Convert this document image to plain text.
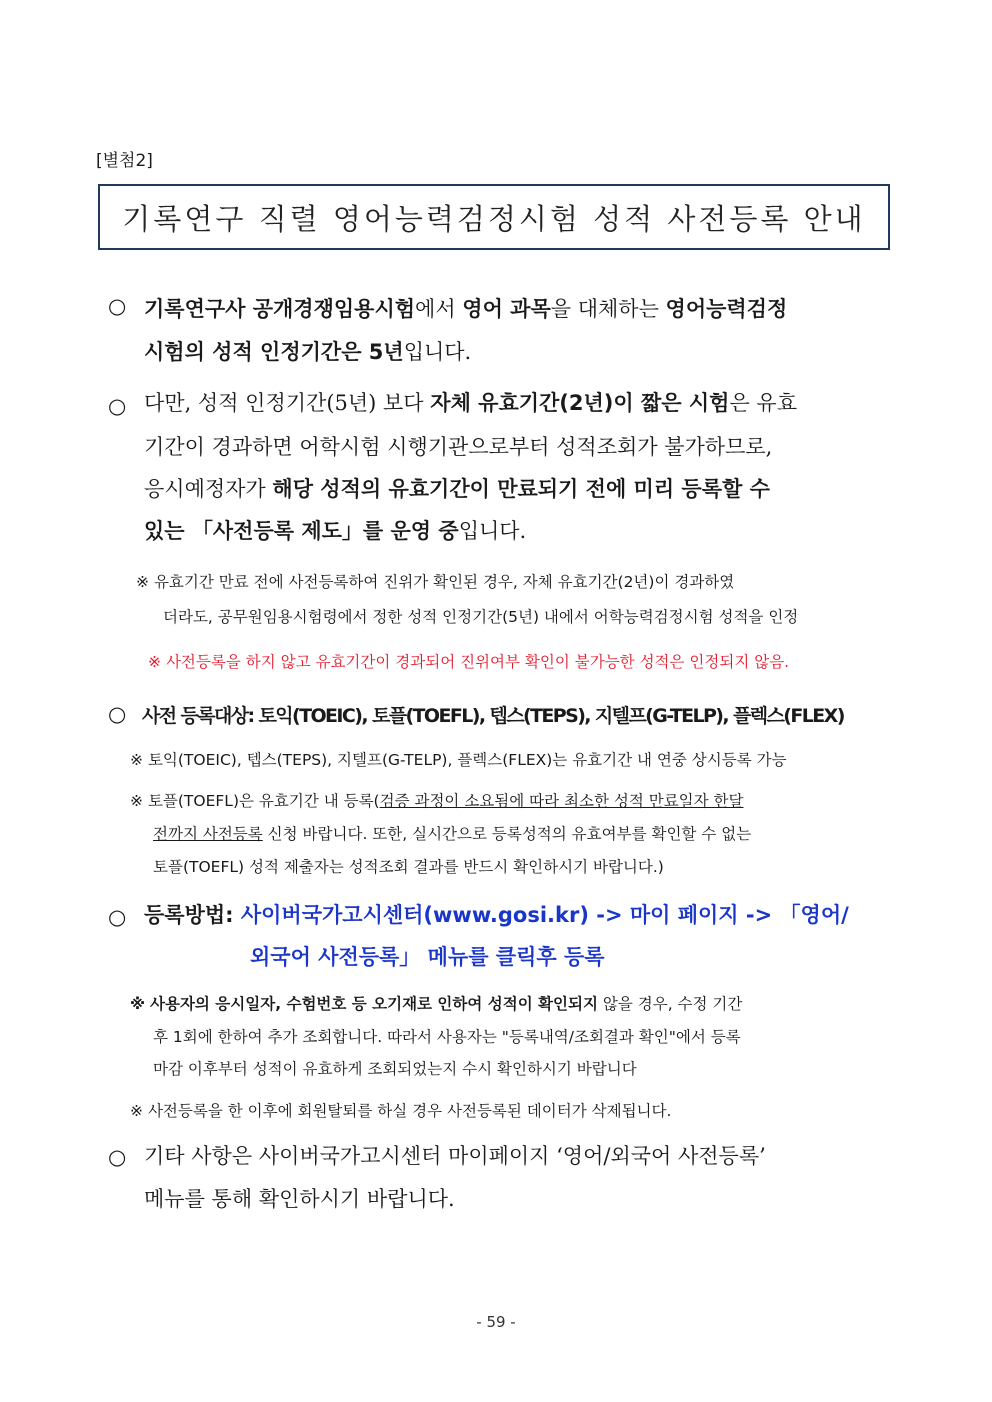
[별첨2]
기록연구 직렬 영어능력검정시험 성적 사전등록 안내
○ 기록연구사 공개경쟁임용시험에서 영어 과목을 대체하는 영어능력검정
시험의 성적 인정기간은 5년입니다.
○ 다만, 성적 인정기간(5년) 보다 자체 유효기간(2년)이 짧은 시험은 유효
기간이 경과하면 어학시험 시행기관으로부터 성적조회가 불가하므로,
응시예정자가 해당 성적의 유효기간이 만료되기 전에 미리 등록할 수
있는 「사전등록 제도」를 운영 중입니다.
※ 유효기간 만료 전에 사전등록하여 진위가 확인된 경우, 자체 유효기간(2년)이 경과하였
더라도, 공무원임용시험령에서 정한 성적 인정기간(5년) 내에서 어학능력검정시험 성적을 인정
※ 사전등록을 하지 않고 유효기간이 경과되어 진위여부 확인이 불가능한 성적은 인정되지 않음.
○ 사전 등록대상: 토익(TOEIC), 토플(TOEFL), 텝스(TEPS), 지텔프(G-TELP), 플렉스(FLEX)
※ 토익(TOEIC), 텝스(TEPS), 지텔프(G-TELP), 플렉스(FLEX)는 유효기간 내 연중 상시등록 가능
※ 토플(TOEFL)은 유효기간 내 등록(검증 과정이 소요됨에 따라 최소한 성적 만료일자 한달
전까지 사전등록 신청 바랍니다. 또한, 실시간으로 등록성적의 유효여부를 확인할 수 없는
토플(TOEFL) 성적 제출자는 성적조회 결과를 반드시 확인하시기 바랍니다.)
○ 등록방법: 사이버국가고시센터(www.gosi.kr) -> 마이 페이지 -> 「영어/
외국어 사전등록」 메뉴를 클릭후 등록
※ 사용자의 응시일자, 수험번호 등 오기재로 인하여 성적이 확인되지 않을 경우, 수정 기간
후 1회에 한하여 추가 조회합니다. 따라서 사용자는 "등록내역/조회결과 확인"에서 등록
마감 이후부터 성적이 유효하게 조회되었는지 수시 확인하시기 바랍니다
※ 사전등록을 한 이후에 회원탈퇴를 하실 경우 사전등록된 데이터가 삭제됩니다.
○ 기타 사항은 사이버국가고시센터 마이페이지 ‘영어/외국어 사전등록’
메뉴를 통해 확인하시기 바랍니다.
- 59 -
